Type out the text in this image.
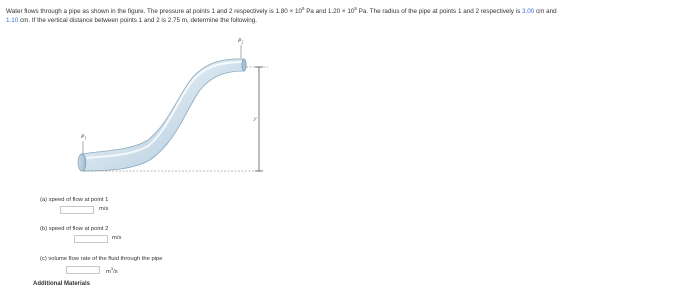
Water flows through a pipe as shown in the figure. The pressure at points 1 and 2 respectively is $1.80 \times 10^5$ Pa and $1.20 \times 10^5$ Pa. The radius of the pipe at points 1 and 2 respectively is 3.00 cm and
1.10 cm. If the vertical distance between points 1 and 2 is 2.75 m, determine the following.
$P_1$
$P_2$
y
(a) speed of flow at point 1
m/s
(b) speed of flow at point 2
m/s
(c) volume flow rate of the fluid through the pipe
$m^3/s$
Additional Materials
